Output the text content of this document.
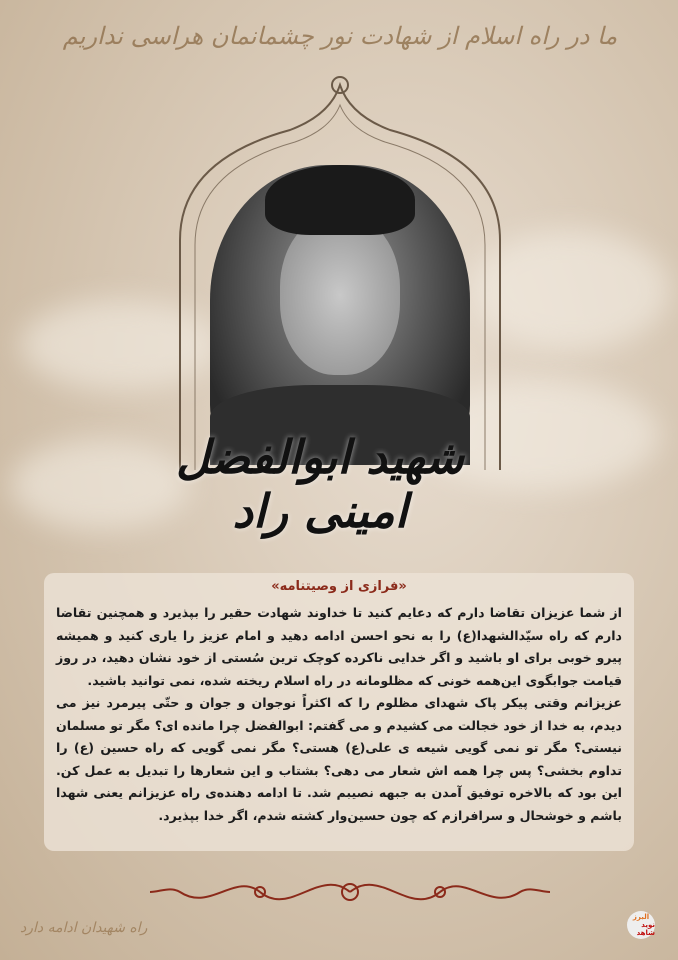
ما در راه اسلام از شهادت نور چشمانمان هراسی نداریم
شهید ابوالفضل امینی راد
«فرازی از وصیتنامه»

از شما عزیزان تقاضا دارم که دعایم کنید تا خداوند شهادت حقیر را بپذیرد و همچنین تقاضا دارم که راه سیّدالشهدا(ع) را به نحو احسن ادامه دهید و امام عزیز را یاری کنید و همیشه پیرو خوبی برای او باشید و اگر خدایی ناکرده کوچک ترین سُستی از خود نشان دهید، در روز قیامت جوابگوی این‌همه خونی که مظلومانه در راه اسلام ریخته شده، نمی توانید باشید.

عزیزانم وقتی پیکر پاک شهدای مظلوم را که اکثراً نوجوان و جوان و حتّی پیرمرد نیز می دیدم، به خدا از خود خجالت می کشیدم و می گفتم: ابوالفضل چرا مانده ای؟ مگر تو مسلمان نیستی؟ مگر تو نمی گویی شیعه ی علی(ع) هستی؟ مگر نمی گویی که راه حسین (ع) را تداوم بخشی؟ پس چرا همه اش شعار می دهی؟ بشتاب و این شعارها را تبدیل به عمل کن. این بود که بالاخره توفیق آمدن به جبهه نصیبم شد. تا ادامه دهنده‌ی راه عزیزانم یعنی شهدا باشم و خوشحال و سرافرازم که چون حسین‌وار کشته شدم، اگر خدا بپذیرد.

راه شهیدان ادامه دارد
البرز
نوید شاهد
